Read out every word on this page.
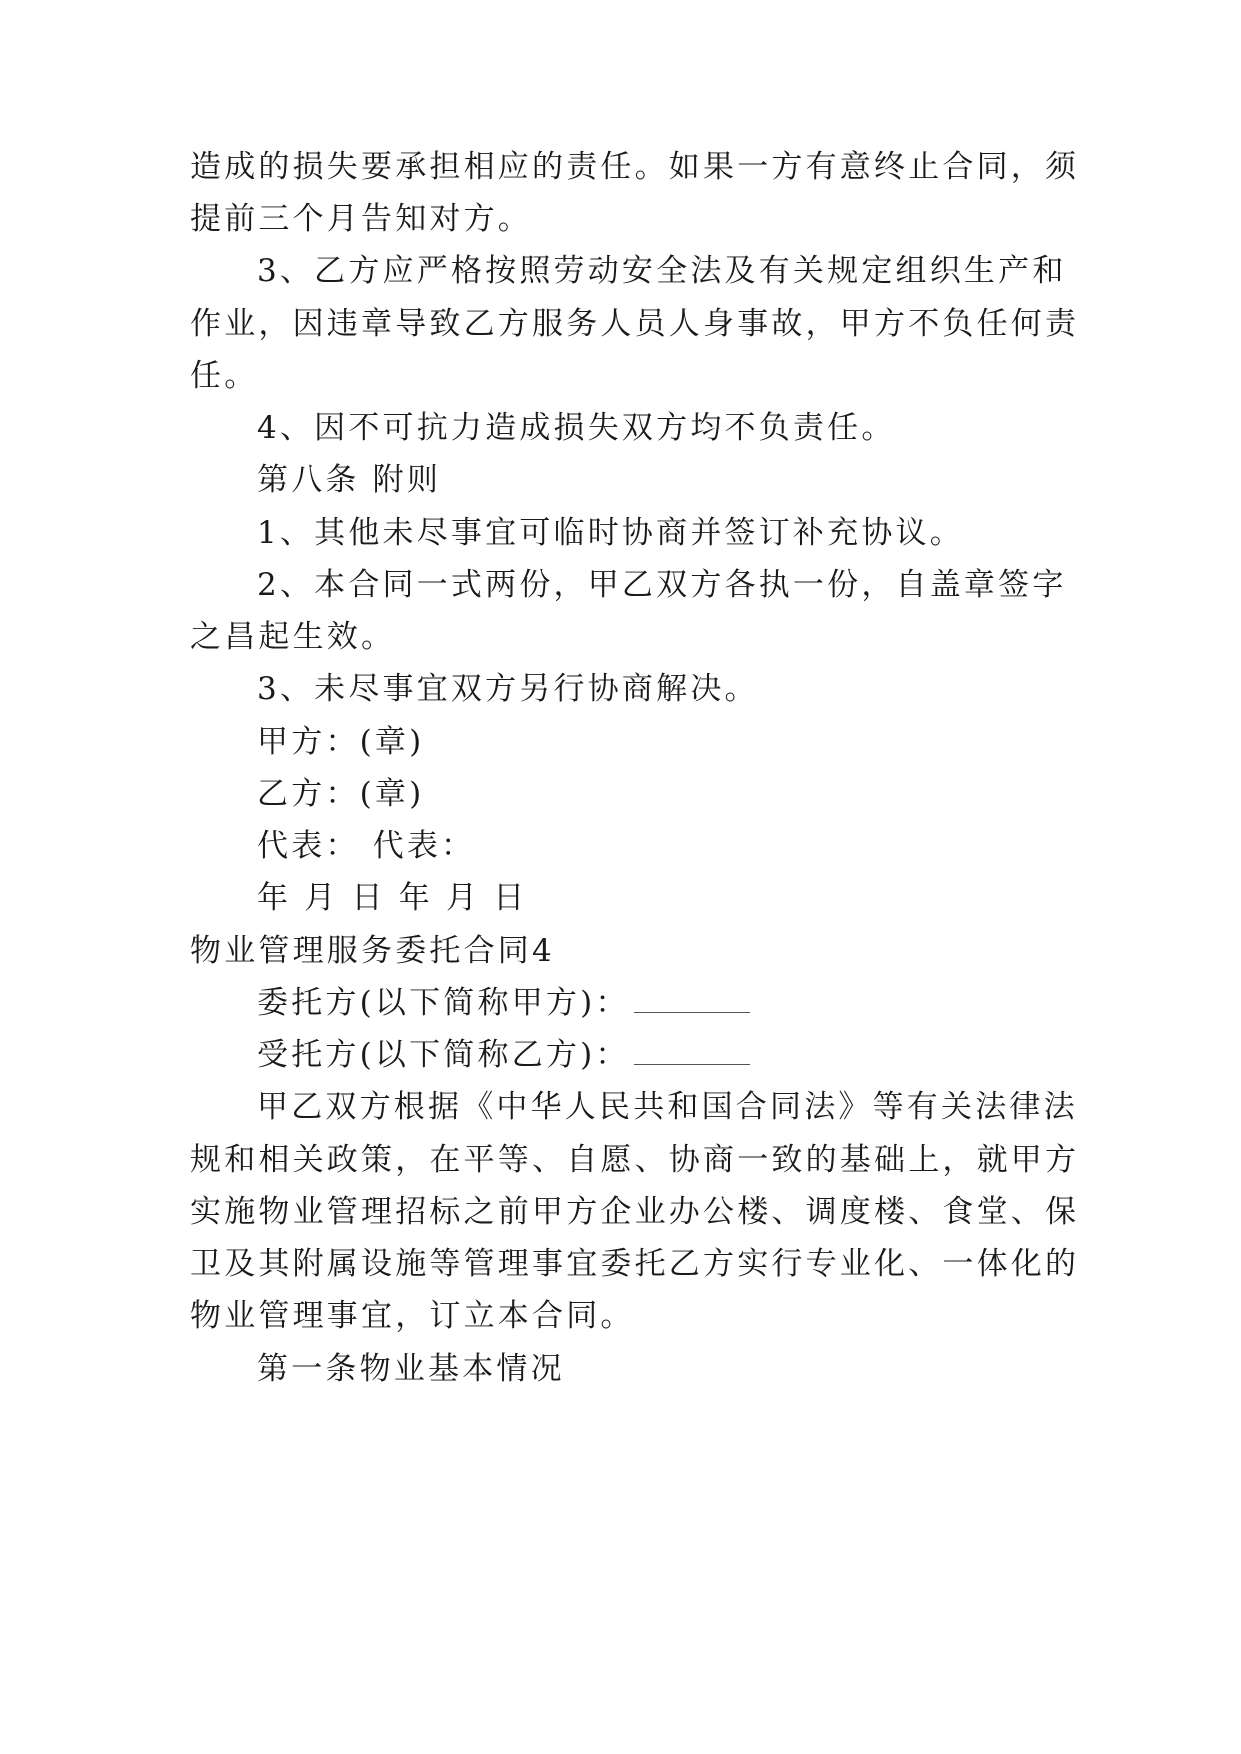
造成的损失要承担相应的责任。如果一方有意终止合同，须
提前三个月告知对方。
3、乙方应严格按照劳动安全法及有关规定组织生产和
作业，因违章导致乙方服务人员人身事故，甲方不负任何责
任。
4、因不可抗力造成损失双方均不负责任。
第八条 附则
1、其他未尽事宜可临时协商并签订补充协议。
2、本合同一式两份，甲乙双方各执一份，自盖章签字
之昌起生效。
3、未尽事宜双方另行协商解决。
甲方：(章)
乙方：(章)
代表： 代表：
年 月 日 年 月 日
物业管理服务委托合同4
委托方(以下简称甲方)：
受托方(以下简称乙方)：
甲乙双方根据《中华人民共和国合同法》等有关法律法
规和相关政策，在平等、自愿、协商一致的基础上，就甲方
实施物业管理招标之前甲方企业办公楼、调度楼、食堂、保
卫及其附属设施等管理事宜委托乙方实行专业化、一体化的
物业管理事宜，订立本合同。
第一条物业基本情况
